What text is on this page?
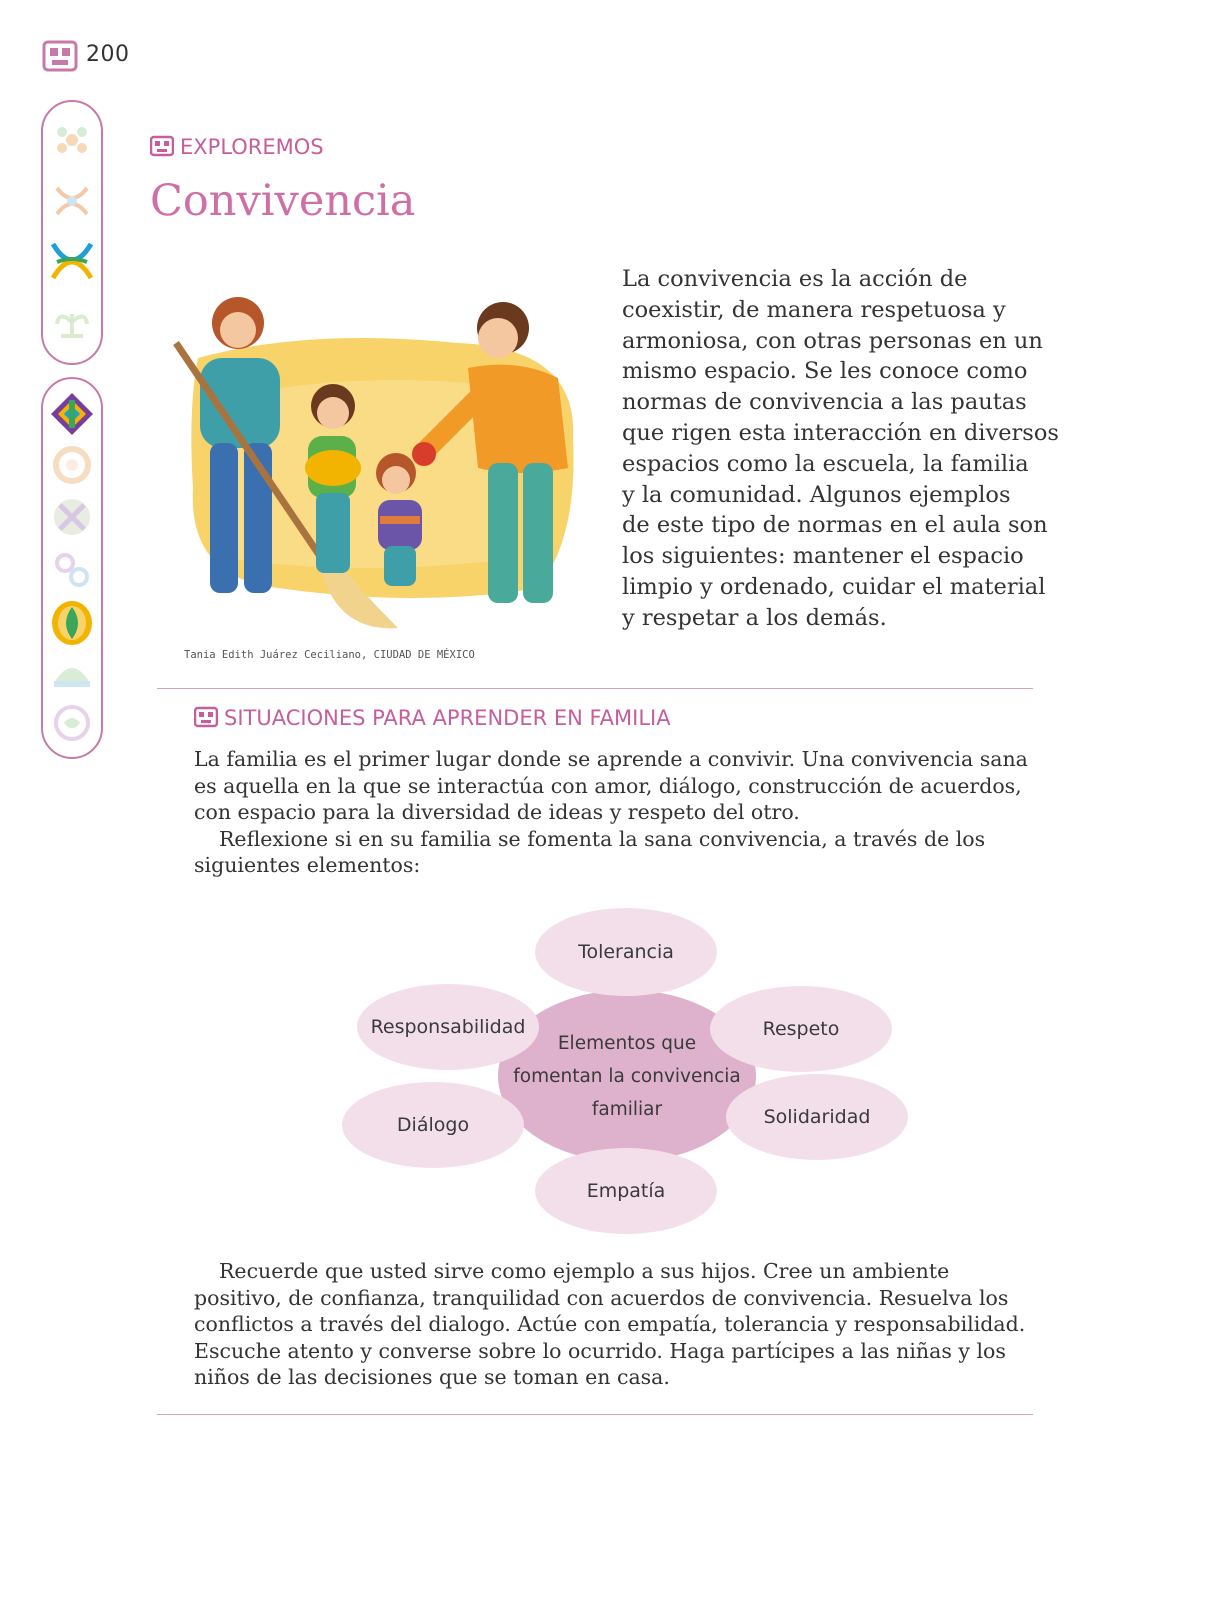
200
EXPLOREMOS
Convivencia
Tania Edith Juárez Ceciliano, CIUDAD DE MÉXICO
La convivencia es la acción de
coexistir, de manera respetuosa y
armoniosa, con otras personas en un
mismo espacio. Se les conoce como
normas de convivencia a las pautas
que rigen esta interacción en diversos
espacios como la escuela, la familia
y la comunidad. Algunos ejemplos
de este tipo de normas en el aula son
los siguientes: mantener el espacio
limpio y ordenado, cuidar el material
y respetar a los demás.
SITUACIONES PARA APRENDER EN FAMILIA
La familia es el primer lugar donde se aprende a convivir. Una convivencia sana
es aquella en la que se interactúa con amor, diálogo, construcción de acuerdos,
con espacio para la diversidad de ideas y respeto del otro.
Reflexione si en su familia se fomenta la sana convivencia, a través de los
siguientes elementos:
Elementos que
fomentan la convivencia
familiar
Tolerancia
Responsabilidad	Respeto
Diálogo	Solidaridad
Empatía
Recuerde que usted sirve como ejemplo a sus hijos. Cree un ambiente
positivo, de confianza, tranquilidad con acuerdos de convivencia. Resuelva los
conflictos a través del dialogo. Actúe con empatía, tolerancia y responsabilidad.
Escuche atento y converse sobre lo ocurrido. Haga partícipes a las niñas y los
niños de las decisiones que se toman en casa.
